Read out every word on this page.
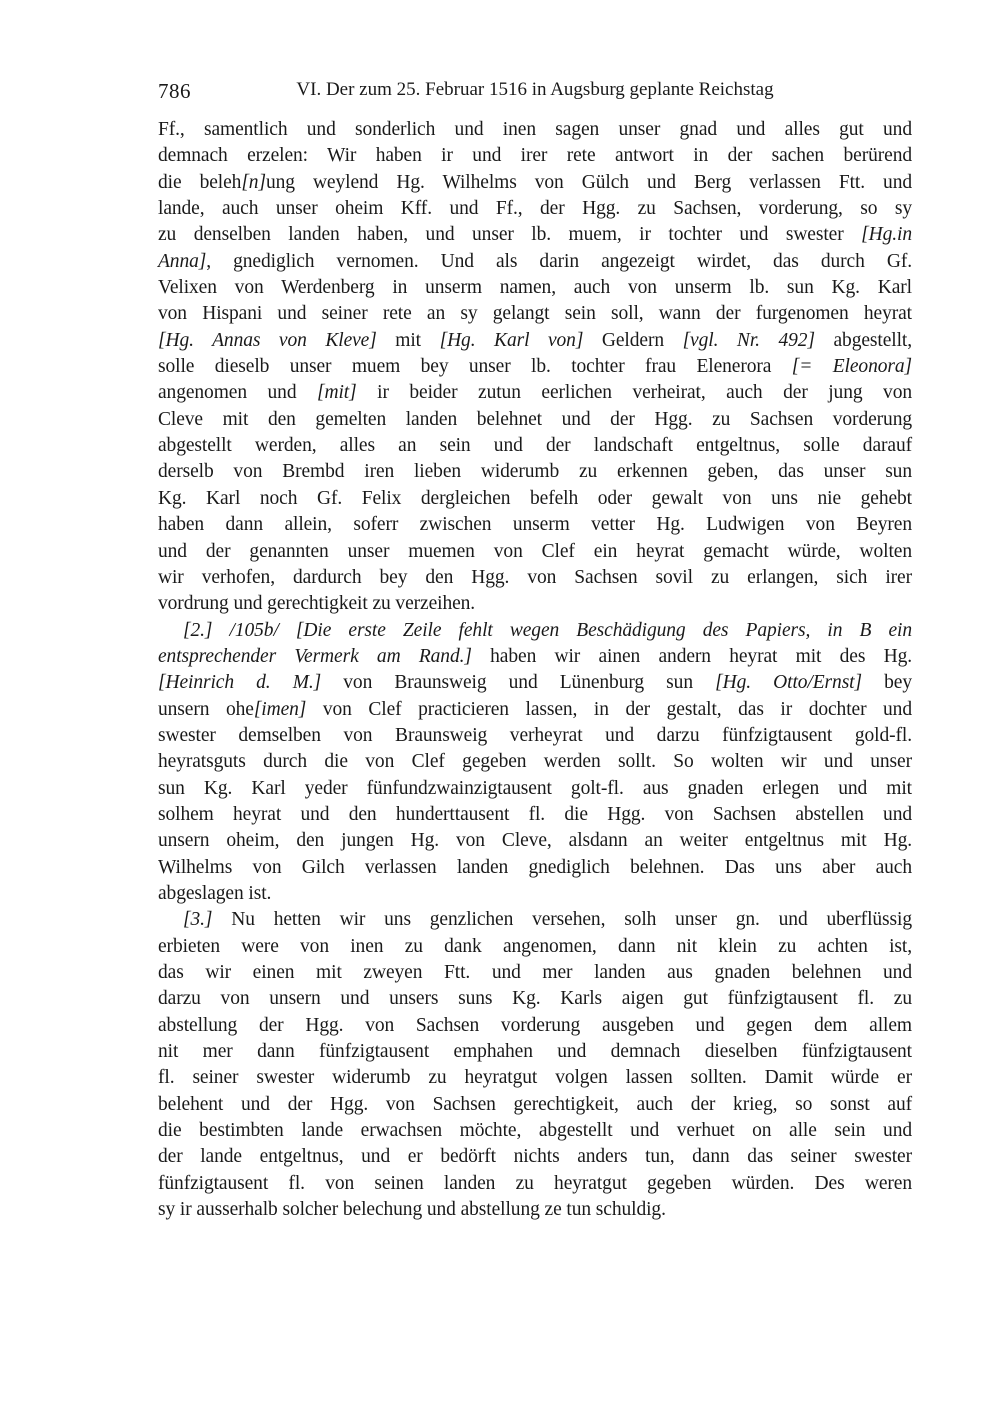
786	VI. Der zum 25. Februar 1516 in Augsburg geplante Reichstag
Ff., samentlich und sonderlich und inen sagen unser gnad und alles gut und
demnach erzelen: Wir haben ir und irer rete antwort in der sachen berürend
die beleh[n]ung weylend Hg. Wilhelms von Gülch und Berg verlassen Ftt. und
lande, auch unser oheim Kff. und Ff., der Hgg. zu Sachsen, vorderung, so sy
zu denselben landen haben, und unser lb. muem, ir tochter und swester [Hg.in
Anna], gnediglich vernomen. Und als darin angezeigt wirdet, das durch Gf.
Velixen von Werdenberg in unserm namen, auch von unserm lb. sun Kg. Karl
von Hispani und seiner rete an sy gelangt sein soll, wann der furgenomen heyrat
[Hg. Annas von Kleve] mit [Hg. Karl von] Geldern [vgl. Nr. 492] abgestellt,
solle dieselb unser muem bey unser lb. tochter frau Elenerora [= Eleonora]
angenomen und [mit] ir beider zutun eerlichen verheirat, auch der jung von
Cleve mit den gemelten landen belehnet und der Hgg. zu Sachsen vorderung
abgestellt werden, alles an sein und der landschaft entgeltnus, solle darauf
derselb von Brembd iren lieben widerumb zu erkennen geben, das unser sun
Kg. Karl noch Gf. Felix dergleichen befelh oder gewalt von uns nie gehebt
haben dann allein, soferr zwischen unserm vetter Hg. Ludwigen von Beyren
und der genannten unser muemen von Clef ein heyrat gemacht würde, wolten
wir verhofen, dardurch bey den Hgg. von Sachsen sovil zu erlangen, sich irer
vordrung und gerechtigkeit zu verzeihen.
[2.] /105b/ [Die erste Zeile fehlt wegen Beschädigung des Papiers, in B ein
entsprechender Vermerk am Rand.] haben wir ainen andern heyrat mit des Hg.
[Heinrich d. M.] von Braunsweig und Lünenburg sun [Hg. Otto/Ernst] bey
unsern ohe[imen] von Clef practicieren lassen, in der gestalt, das ir dochter und
swester demselben von Braunsweig verheyrat und darzu fünfzigtausent gold-fl.
heyratsguts durch die von Clef gegeben werden sollt. So wolten wir und unser
sun Kg. Karl yeder fünfundzwainzigtausent golt-fl. aus gnaden erlegen und mit
solhem heyrat und den hunderttausent fl. die Hgg. von Sachsen abstellen und
unsern oheim, den jungen Hg. von Cleve, alsdann an weiter entgeltnus mit Hg.
Wilhelms von Gilch verlassen landen gnediglich belehnen. Das uns aber auch
abgeslagen ist.
[3.] Nu hetten wir uns genzlichen versehen, solh unser gn. und uberflüssig
erbieten were von inen zu dank angenomen, dann nit klein zu achten ist,
das wir einen mit zweyen Ftt. und mer landen aus gnaden belehnen und
darzu von unsern und unsers suns Kg. Karls aigen gut fünfzigtausent fl. zu
abstellung der Hgg. von Sachsen vorderung ausgeben und gegen dem allem
nit mer dann fünfzigtausent emphahen und demnach dieselben fünfzigtausent
fl. seiner swester widerumb zu heyratgut volgen lassen sollten. Damit würde er
belehent und der Hgg. von Sachsen gerechtigkeit, auch der krieg, so sonst auf
die bestimbten lande erwachsen möchte, abgestellt und verhuet on alle sein und
der lande entgeltnus, und er bedörft nichts anders tun, dann das seiner swester
fünfzigtausent fl. von seinen landen zu heyratgut gegeben würden. Des weren
sy ir ausserhalb solcher belechung und abstellung ze tun schuldig.
